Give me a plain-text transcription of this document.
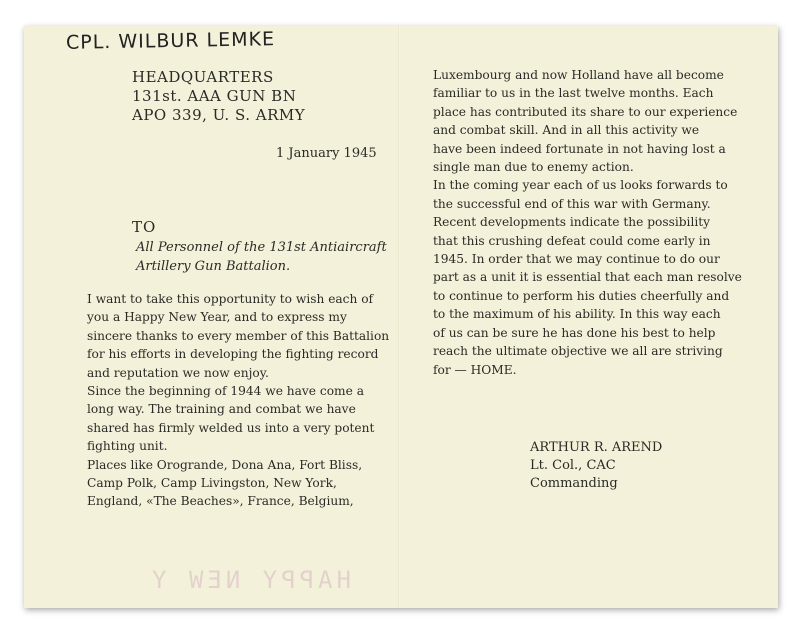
CPL. WILBUR LEMKE
HEADQUARTERS
131st. AAA GUN BN
APO 339, U. S. ARMY
1 January 1945
TO
All Personnel of the 131st Antiaircraft
Artillery Gun Battalion.
I want to take this opportunity to wish each of
you a Happy New Year, and to express my
sincere thanks to every member of this Battalion
for his efforts in developing the fighting record
and reputation we now enjoy.
Since the beginning of 1944 we have come a
long way. The training and combat we have
shared has firmly welded us into a very potent
fighting unit.
Places like Orogrande, Dona Ana, Fort Bliss,
Camp Polk, Camp Livingston, New York,
England, «The Beaches», France, Belgium,
Luxembourg and now Holland have all become
familiar to us in the last twelve months. Each
place has contributed its share to our experience
and combat skill. And in all this activity we
have been indeed fortunate in not having lost a
single man due to enemy action.
In the coming year each of us looks forwards to
the successful end of this war with Germany.
Recent developments indicate the possibility
that this crushing defeat could come early in
1945. In order that we may continue to do our
part as a unit it is essential that each man resolve
to continue to perform his duties cheerfully and
to the maximum of his ability. In this way each
of us can be sure he has done his best to help
reach the ultimate objective we all are striving
for — HOME.
ARTHUR R. AREND
Lt. Col., CAC
Commanding
HAPPY NEW Y
